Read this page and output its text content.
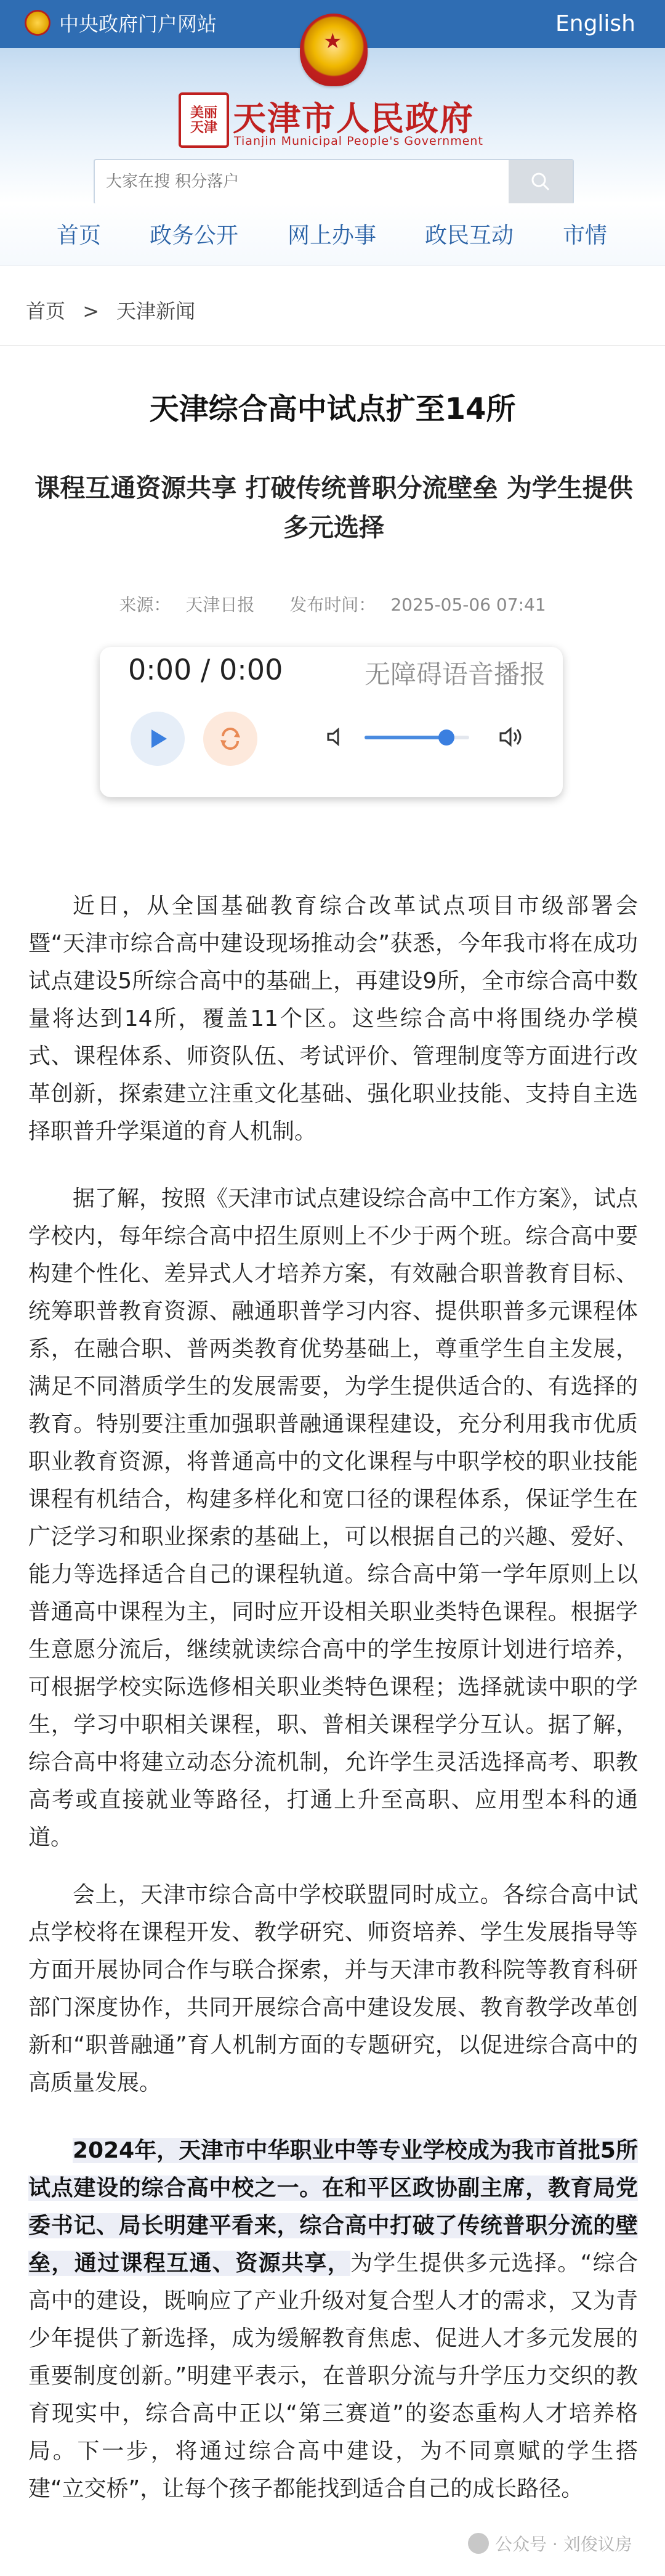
中央政府门户网站	English
★
美丽天津 天津市人民政府
Tianjin Municipal People's Government
大家在搜 积分落户
首页 政务公开 网上办事 政民互动 市情
首页 > 天津新闻
天津综合高中试点扩至14所
课程互通资源共享 打破传统普职分流壁垒 为学生提供多元选择
来源： 天津日报 发布时间： 2025-05-06 07:41
0:00 / 0:00	无障碍语音播报

近日，从全国基础教育综合改革试点项目市级部署会暨“天津市综合高中建设现场推动会”获悉，今年我市将在成功试点建设5所综合高中的基础上，再建设9所，全市综合高中数量将达到14所，覆盖11个区。这些综合高中将围绕办学模式、课程体系、师资队伍、考试评价、管理制度等方面进行改革创新，探索建立注重文化基础、强化职业技能、支持自主选择职普升学渠道的育人机制。

据了解，按照《天津市试点建设综合高中工作方案》，试点学校内，每年综合高中招生原则上不少于两个班。综合高中要构建个性化、差异式人才培养方案，有效融合职普教育目标、统筹职普教育资源、融通职普学习内容、提供职普多元课程体系，在融合职、普两类教育优势基础上，尊重学生自主发展，满足不同潜质学生的发展需要，为学生提供适合的、有选择的教育。特别要注重加强职普融通课程建设，充分利用我市优质职业教育资源，将普通高中的文化课程与中职学校的职业技能课程有机结合，构建多样化和宽口径的课程体系，保证学生在广泛学习和职业探索的基础上，可以根据自己的兴趣、爱好、能力等选择适合自己的课程轨道。综合高中第一学年原则上以普通高中课程为主，同时应开设相关职业类特色课程。根据学生意愿分流后，继续就读综合高中的学生按原计划进行培养，可根据学校实际选修相关职业类特色课程；选择就读中职的学生，学习中职相关课程，职、普相关课程学分互认。据了解，综合高中将建立动态分流机制，允许学生灵活选择高考、职教高考或直接就业等路径，打通上升至高职、应用型本科的通道。

会上，天津市综合高中学校联盟同时成立。各综合高中试点学校将在课程开发、教学研究、师资培养、学生发展指导等方面开展协同合作与联合探索，并与天津市教科院等教育科研部门深度协作，共同开展综合高中建设发展、教育教学改革创新和“职普融通”育人机制方面的专题研究，以促进综合高中的高质量发展。

2024年，天津市中华职业中等专业学校成为我市首批5所试点建设的综合高中校之一。在和平区政协副主席，教育局党委书记、局长明建平看来，综合高中打破了传统普职分流的壁垒，通过课程互通、资源共享，为学生提供多元选择。“综合高中的建设，既响应了产业升级对复合型人才的需求，又为青少年提供了新选择，成为缓解教育焦虑、促进人才多元发展的重要制度创新。”明建平表示，在普职分流与升学压力交织的教育现实中，综合高中正以“第三赛道”的姿态重构人才培养格局。下一步，将通过综合高中建设，为不同禀赋的学生搭建“立交桥”，让每个孩子都能找到适合自己的成长路径。

公众号 · 刘俊议房
